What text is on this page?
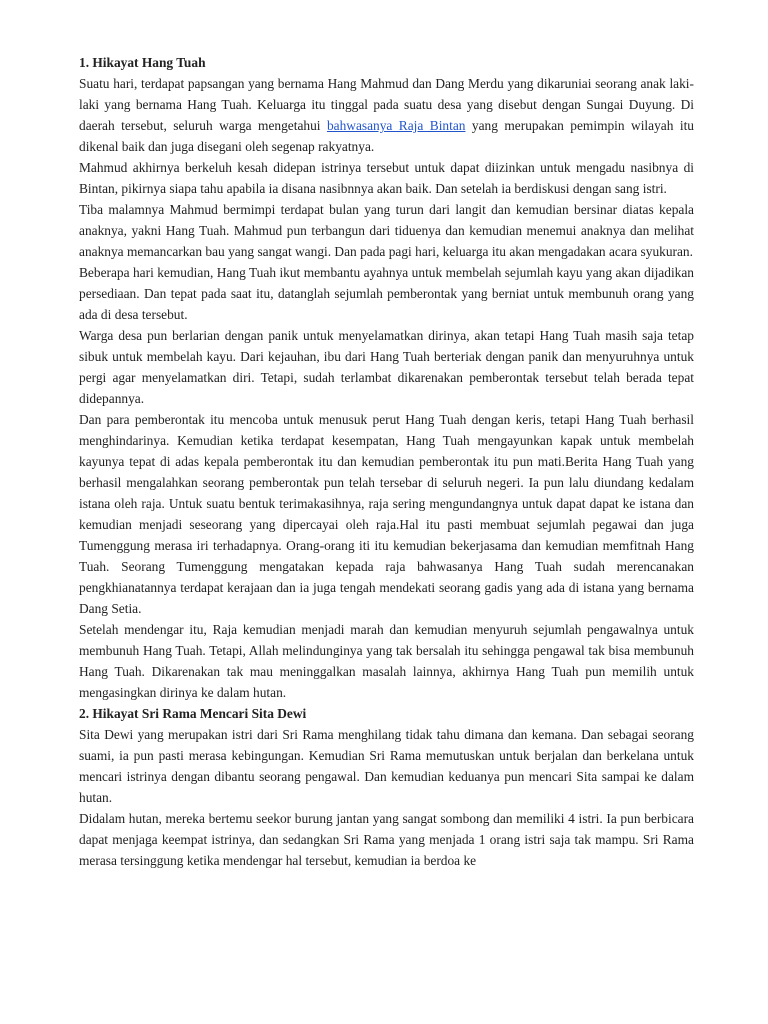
1. Hikayat Hang Tuah

Suatu hari, terdapat papsangan yang bernama Hang Mahmud dan Dang Merdu yang dikaruniai seorang anak laki-laki yang bernama Hang Tuah. Keluarga itu tinggal pada suatu desa yang disebut dengan Sungai Duyung. Di daerah tersebut, seluruh warga mengetahui bahwasanya Raja Bintan yang merupakan pemimpin wilayah itu dikenal baik dan juga disegani oleh segenap rakyatnya.

Mahmud akhirnya berkeluh kesah didepan istrinya tersebut untuk dapat diizinkan untuk mengadu nasibnya di Bintan, pikirnya siapa tahu apabila ia disana nasibnnya akan baik. Dan setelah ia berdiskusi dengan sang istri.

Tiba malamnya Mahmud bermimpi terdapat bulan yang turun dari langit dan kemudian bersinar diatas kepala anaknya, yakni Hang Tuah. Mahmud pun terbangun dari tiduenya dan kemudian menemui anaknya dan melihat anaknya memancarkan bau yang sangat wangi. Dan pada pagi hari, keluarga itu akan mengadakan acara syukuran.

Beberapa hari kemudian, Hang Tuah ikut membantu ayahnya untuk membelah sejumlah kayu yang akan dijadikan persediaan. Dan tepat pada saat itu, datanglah sejumlah pemberontak yang berniat untuk membunuh orang yang ada di desa tersebut.

Warga desa pun berlarian dengan panik untuk menyelamatkan dirinya, akan tetapi Hang Tuah masih saja tetap sibuk untuk membelah kayu. Dari kejauhan, ibu dari Hang Tuah berteriak dengan panik dan menyuruhnya untuk pergi agar menyelamatkan diri. Tetapi, sudah terlambat dikarenakan pemberontak tersebut telah berada tepat didepannya.

Dan para pemberontak itu mencoba untuk menusuk perut Hang Tuah dengan keris, tetapi Hang Tuah berhasil menghindarinya. Kemudian ketika terdapat kesempatan, Hang Tuah mengayunkan kapak untuk membelah kayunya tepat di adas kepala pemberontak itu dan kemudian pemberontak itu pun mati.Berita Hang Tuah yang berhasil mengalahkan seorang pemberontak pun telah tersebar di seluruh negeri. Ia pun lalu diundang kedalam istana oleh raja. Untuk suatu bentuk terimakasihnya, raja sering mengundangnya untuk dapat dapat ke istana dan kemudian menjadi seseorang yang dipercayai oleh raja.Hal itu pasti membuat sejumlah pegawai dan juga Tumenggung merasa iri terhadapnya. Orang-orang iti itu kemudian bekerjasama dan kemudian memfitnah Hang Tuah. Seorang Tumenggung mengatakan kepada raja bahwasanya Hang Tuah sudah merencanakan pengkhianatannya terdapat kerajaan dan ia juga tengah mendekati seorang gadis yang ada di istana yang bernama Dang Setia.

Setelah mendengar itu, Raja kemudian menjadi marah dan kemudian menyuruh sejumlah pengawalnya untuk membunuh Hang Tuah. Tetapi, Allah melindunginya yang tak bersalah itu sehingga pengawal tak bisa membunuh Hang Tuah. Dikarenakan tak mau meninggalkan masalah lainnya, akhirnya Hang Tuah pun memilih untuk mengasingkan dirinya ke dalam hutan.

2. Hikayat Sri Rama Mencari Sita Dewi

Sita Dewi yang merupakan istri dari Sri Rama menghilang tidak tahu dimana dan kemana. Dan sebagai seorang suami, ia pun pasti merasa kebingungan. Kemudian Sri Rama memutuskan untuk berjalan dan berkelana untuk mencari istrinya dengan dibantu seorang pengawal. Dan kemudian keduanya pun mencari Sita sampai ke dalam hutan.

Didalam hutan, mereka bertemu seekor burung jantan yang sangat sombong dan memiliki 4 istri. Ia pun berbicara dapat menjaga keempat istrinya, dan sedangkan Sri Rama yang menjada 1 orang istri saja tak mampu. Sri Rama merasa tersinggung ketika mendengar hal tersebut, kemudian ia berdoa ke
